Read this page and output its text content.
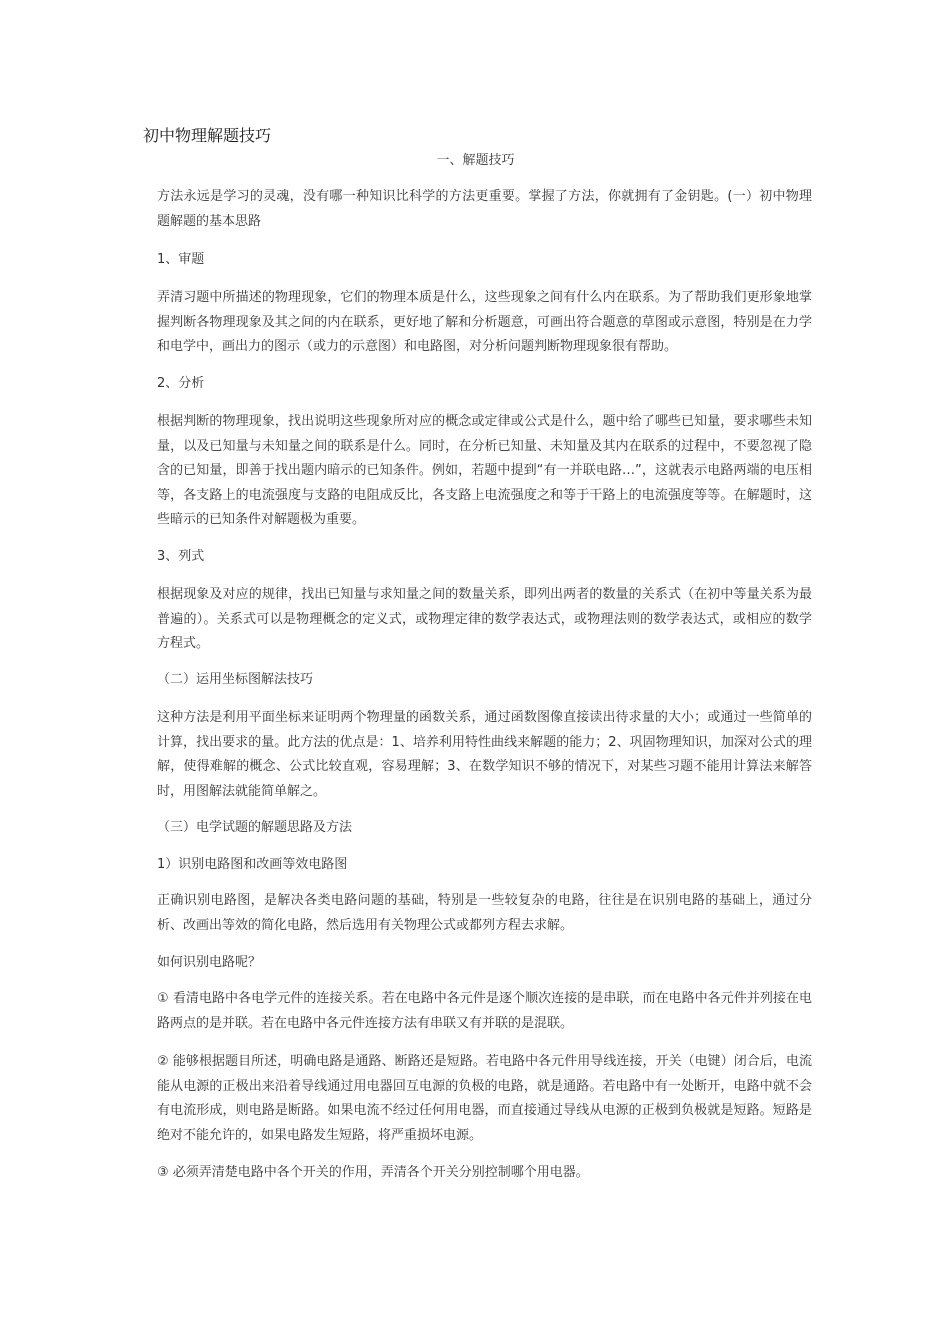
初中物理解题技巧
一、解题技巧
方法永远是学习的灵魂，没有哪一种知识比科学的方法更重要。掌握了方法，你就拥有了金钥匙。(一）初中物理题解题的基本思路
1、审题
弄清习题中所描述的物理现象，它们的物理本质是什么，这些现象之间有什么内在联系。为了帮助我们更形象地掌握判断各物理现象及其之间的内在联系，更好地了解和分析题意，可画出符合题意的草图或示意图，特别是在力学和电学中，画出力的图示（或力的示意图）和电路图，对分析问题判断物理现象很有帮助。
2、分析
根据判断的物理现象，找出说明这些现象所对应的概念或定律或公式是什么，题中给了哪些已知量，要求哪些未知量，以及已知量与未知量之间的联系是什么。同时，在分析已知量、未知量及其内在联系的过程中，不要忽视了隐含的已知量，即善于找出题内暗示的已知条件。例如，若题中提到“有一并联电路…”，这就表示电路两端的电压相等，各支路上的电流强度与支路的电阻成反比，各支路上电流强度之和等于干路上的电流强度等等。在解题时，这些暗示的已知条件对解题极为重要。
3、列式
根据现象及对应的规律，找出已知量与求知量之间的数量关系，即列出两者的数量的关系式（在初中等量关系为最普遍的）。关系式可以是物理概念的定义式，或物理定律的数学表达式，或物理法则的数学表达式，或相应的数学方程式。
（二）运用坐标图解法技巧
这种方法是利用平面坐标来证明两个物理量的函数关系，通过函数图像直接读出待求量的大小；或通过一些简单的计算，找出要求的量。此方法的优点是：1、培养利用特性曲线来解题的能力；2、巩固物理知识，加深对公式的理解，使得难解的概念、公式比较直观，容易理解；3、在数学知识不够的情况下，对某些习题不能用计算法来解答时，用图解法就能简单解之。
（三）电学试题的解题思路及方法
1）识别电路图和改画等效电路图
正确识别电路图，是解决各类电路问题的基础，特别是一些较复杂的电路，往往是在识别电路的基础上，通过分析、改画出等效的简化电路，然后选用有关物理公式或都列方程去求解。
如何识别电路呢？
① 看清电路中各电学元件的连接关系。若在电路中各元件是逐个顺次连接的是串联，而在电路中各元件并列接在电路两点的是并联。若在电路中各元件连接方法有串联又有并联的是混联。
② 能够根据题目所述，明确电路是通路、断路还是短路。若电路中各元件用导线连接，开关（电键）闭合后，电流能从电源的正极出来沿着导线通过用电器回互电源的负极的电路，就是通路。若电路中有一处断开，电路中就不会有电流形成，则电路是断路。如果电流不经过任何用电器，而直接通过导线从电源的正极到负极就是短路。短路是绝对不能允许的，如果电路发生短路，将严重损坏电源。
③ 必须弄清楚电路中各个开关的作用，弄清各个开关分别控制哪个用电器。
